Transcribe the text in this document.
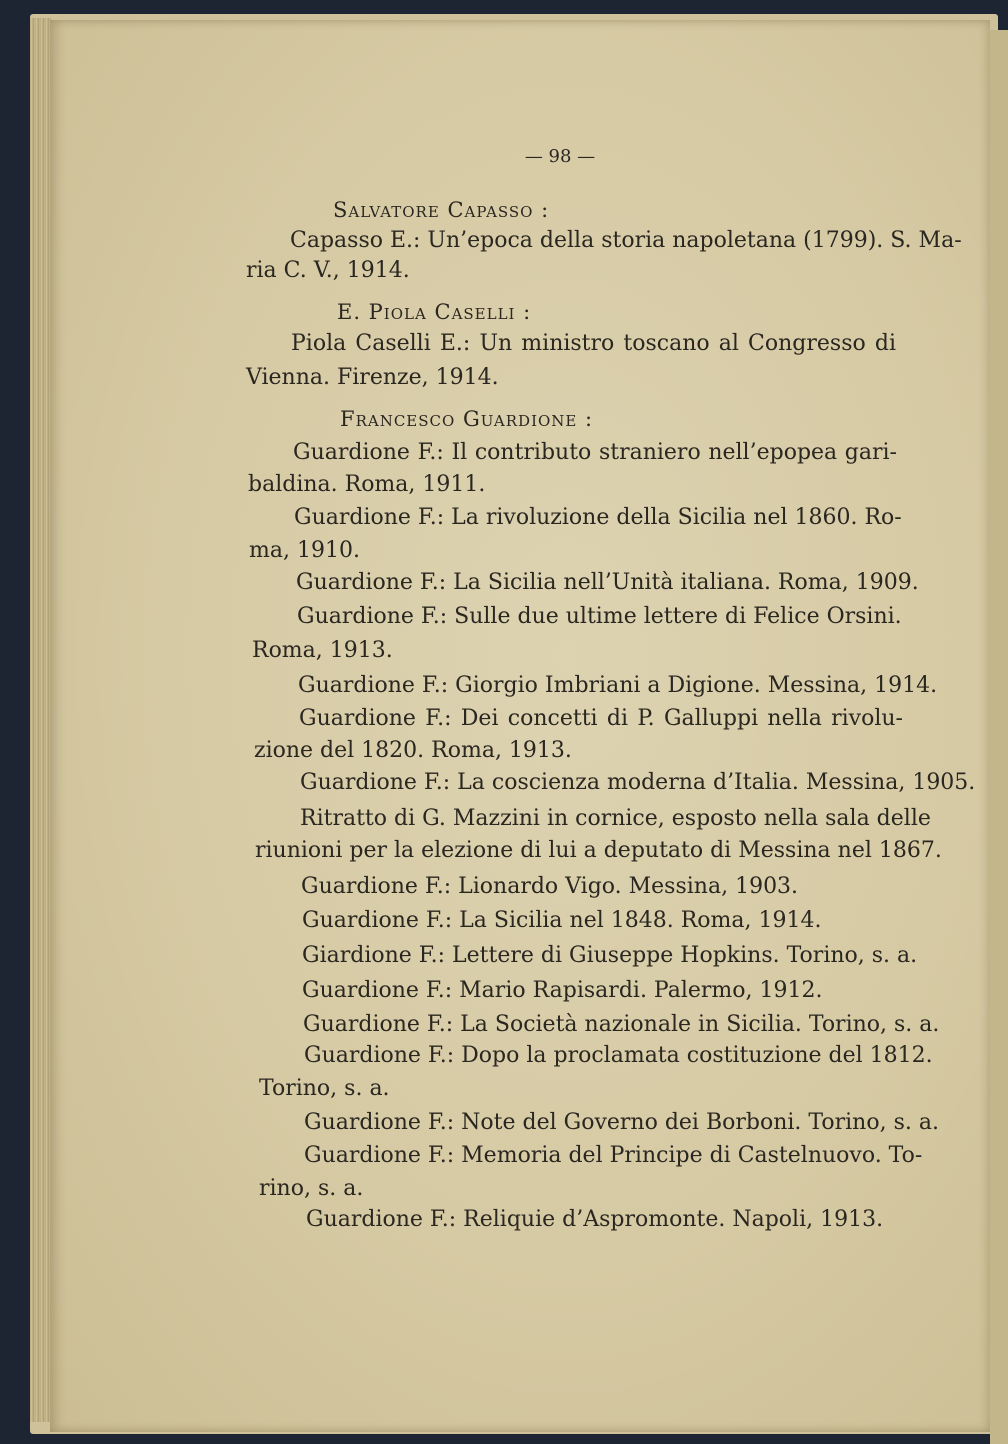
— 98 —
Salvatore Capasso :
Capasso E.: Un’epoca della storia napoletana (1799). S. Ma-
ria C. V., 1914.
E. Piola Caselli :
Piola Caselli E.: Un ministro toscano al Congresso di
Vienna. Firenze, 1914.
Francesco Guardione :
Guardione F.: Il contributo straniero nell’epopea gari-
baldina. Roma, 1911.
Guardione F.: La rivoluzione della Sicilia nel 1860. Ro-
ma, 1910.
Guardione F.: La Sicilia nell’Unità italiana. Roma, 1909.
Guardione F.: Sulle due ultime lettere di Felice Orsini.
Roma, 1913.
Guardione F.: Giorgio Imbriani a Digione. Messina, 1914.
Guardione F.: Dei concetti di P. Galluppi nella rivolu-
zione del 1820. Roma, 1913.
Guardione F.: La coscienza moderna d’Italia. Messina, 1905.
Ritratto di G. Mazzini in cornice, esposto nella sala delle
riunioni per la elezione di lui a deputato di Messina nel 1867.
Guardione F.: Lionardo Vigo. Messina, 1903.
Guardione F.: La Sicilia nel 1848. Roma, 1914.
Giardione F.: Lettere di Giuseppe Hopkins. Torino, s. a.
Guardione F.: Mario Rapisardi. Palermo, 1912.
Guardione F.: La Società nazionale in Sicilia. Torino, s. a.
Guardione F.: Dopo la proclamata costituzione del 1812.
Torino, s. a.
Guardione F.: Note del Governo dei Borboni. Torino, s. a.
Guardione F.: Memoria del Principe di Castelnuovo. To-
rino, s. a.
Guardione F.: Reliquie d’Aspromonte. Napoli, 1913.
